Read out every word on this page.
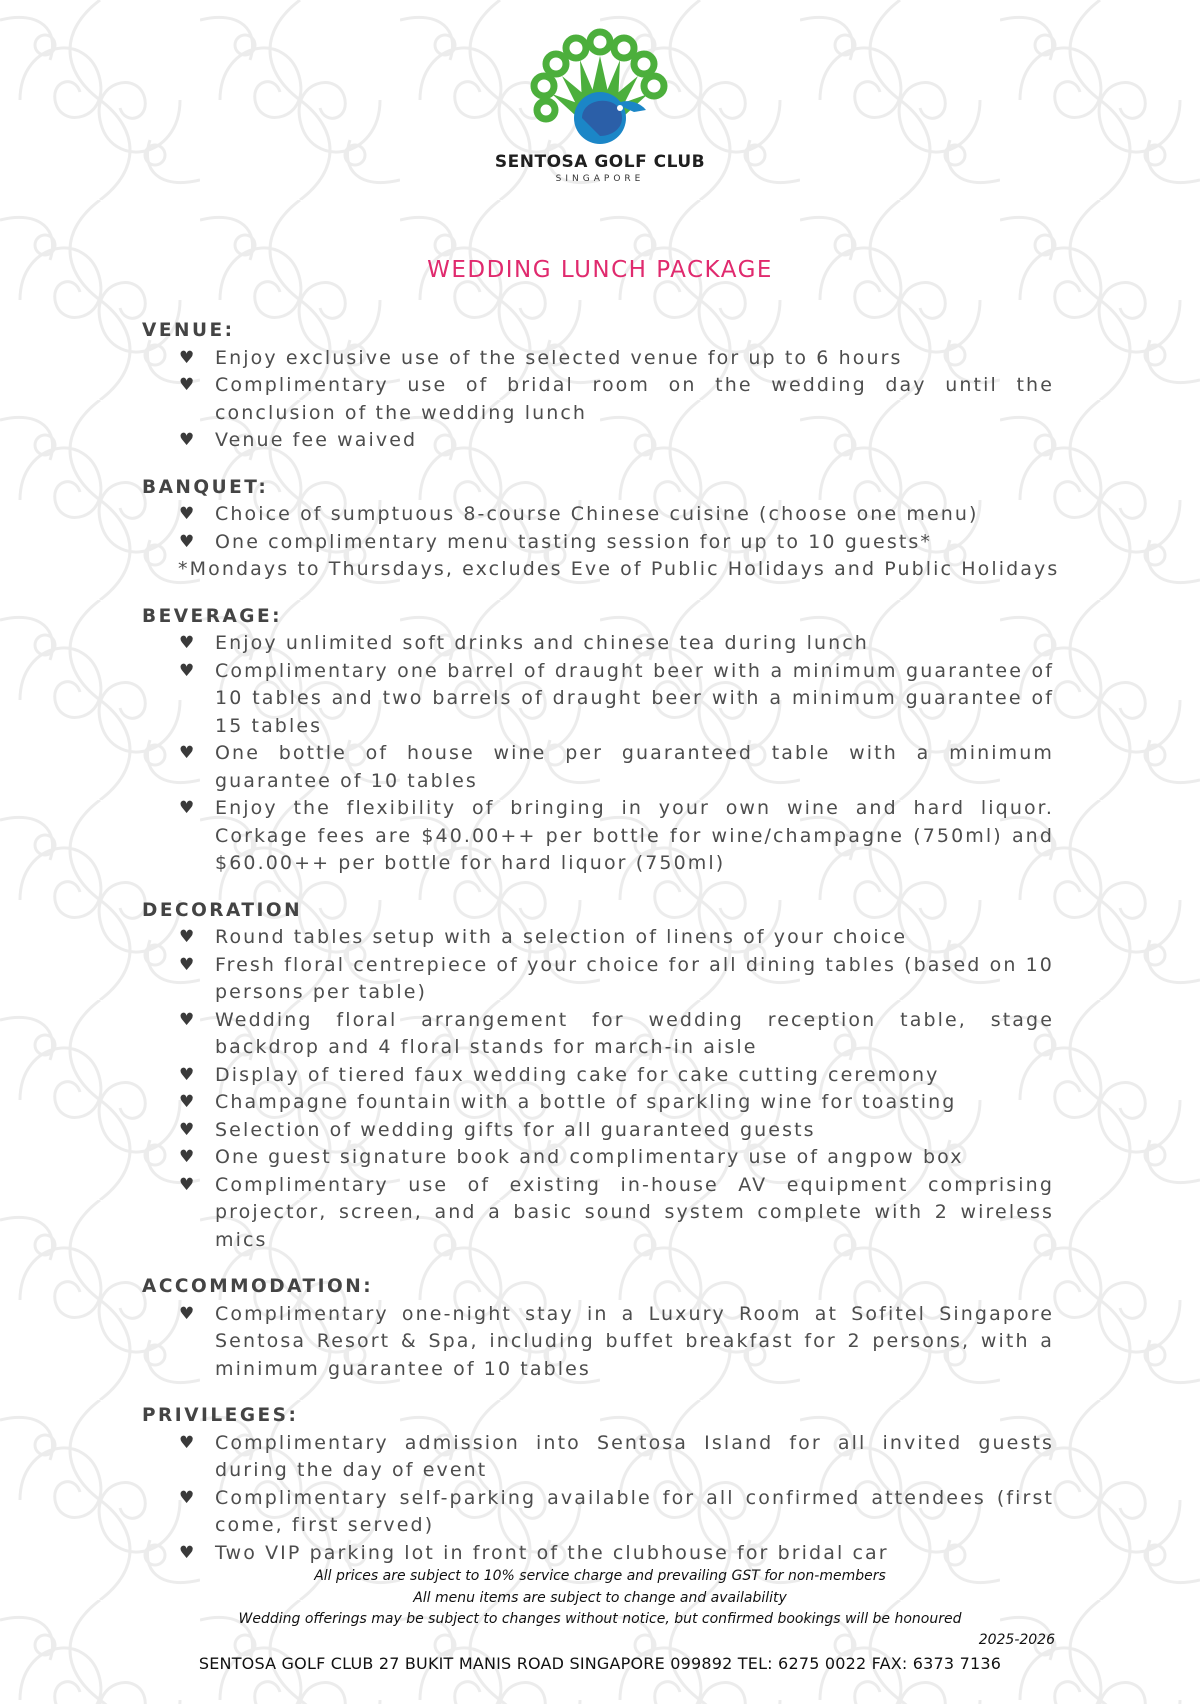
SENTOSA GOLF CLUB
SINGAPORE
WEDDING LUNCH PACKAGE
VENUE:
♥ Enjoy exclusive use of the selected venue for up to 6 hours
♥ Complimentary use of bridal room on the wedding day until the conclusion of the wedding lunch
♥ Venue fee waived
BANQUET:
♥ Choice of sumptuous 8-course Chinese cuisine (choose one menu)
♥ One complimentary menu tasting session for up to 10 guests*
*Mondays to Thursdays, excludes Eve of Public Holidays and Public Holidays
BEVERAGE:
♥ Enjoy unlimited soft drinks and chinese tea during lunch
♥ Complimentary one barrel of draught beer with a minimum guarantee of 10 tables and two barrels of draught beer with a minimum guarantee of 15 tables
♥ One bottle of house wine per guaranteed table with a minimum guarantee of 10 tables
♥ Enjoy the flexibility of bringing in your own wine and hard liquor. Corkage fees are $40.00++ per bottle for wine/champagne (750ml) and $60.00++ per bottle for hard liquor (750ml)
DECORATION
♥ Round tables setup with a selection of linens of your choice
♥ Fresh floral centrepiece of your choice for all dining tables (based on 10 persons per table)
♥ Wedding floral arrangement for wedding reception table, stage backdrop and 4 floral stands for march-in aisle
♥ Display of tiered faux wedding cake for cake cutting ceremony
♥ Champagne fountain with a bottle of sparkling wine for toasting
♥ Selection of wedding gifts for all guaranteed guests
♥ One guest signature book and complimentary use of angpow box
♥ Complimentary use of existing in-house AV equipment comprising projector, screen, and a basic sound system complete with 2 wireless mics
ACCOMMODATION:
♥ Complimentary one-night stay in a Luxury Room at Sofitel Singapore Sentosa Resort & Spa, including buffet breakfast for 2 persons, with a minimum guarantee of 10 tables
PRIVILEGES:
♥ Complimentary admission into Sentosa Island for all invited guests during the day of event
♥ Complimentary self-parking available for all confirmed attendees (first come, first served)
♥ Two VIP parking lot in front of the clubhouse for bridal car
All prices are subject to 10% service charge and prevailing GST for non-members
All menu items are subject to change and availability
Wedding offerings may be subject to changes without notice, but confirmed bookings will be honoured
2025-2026
SENTOSA GOLF CLUB 27 BUKIT MANIS ROAD SINGAPORE 099892 TEL: 6275 0022 FAX: 6373 7136
